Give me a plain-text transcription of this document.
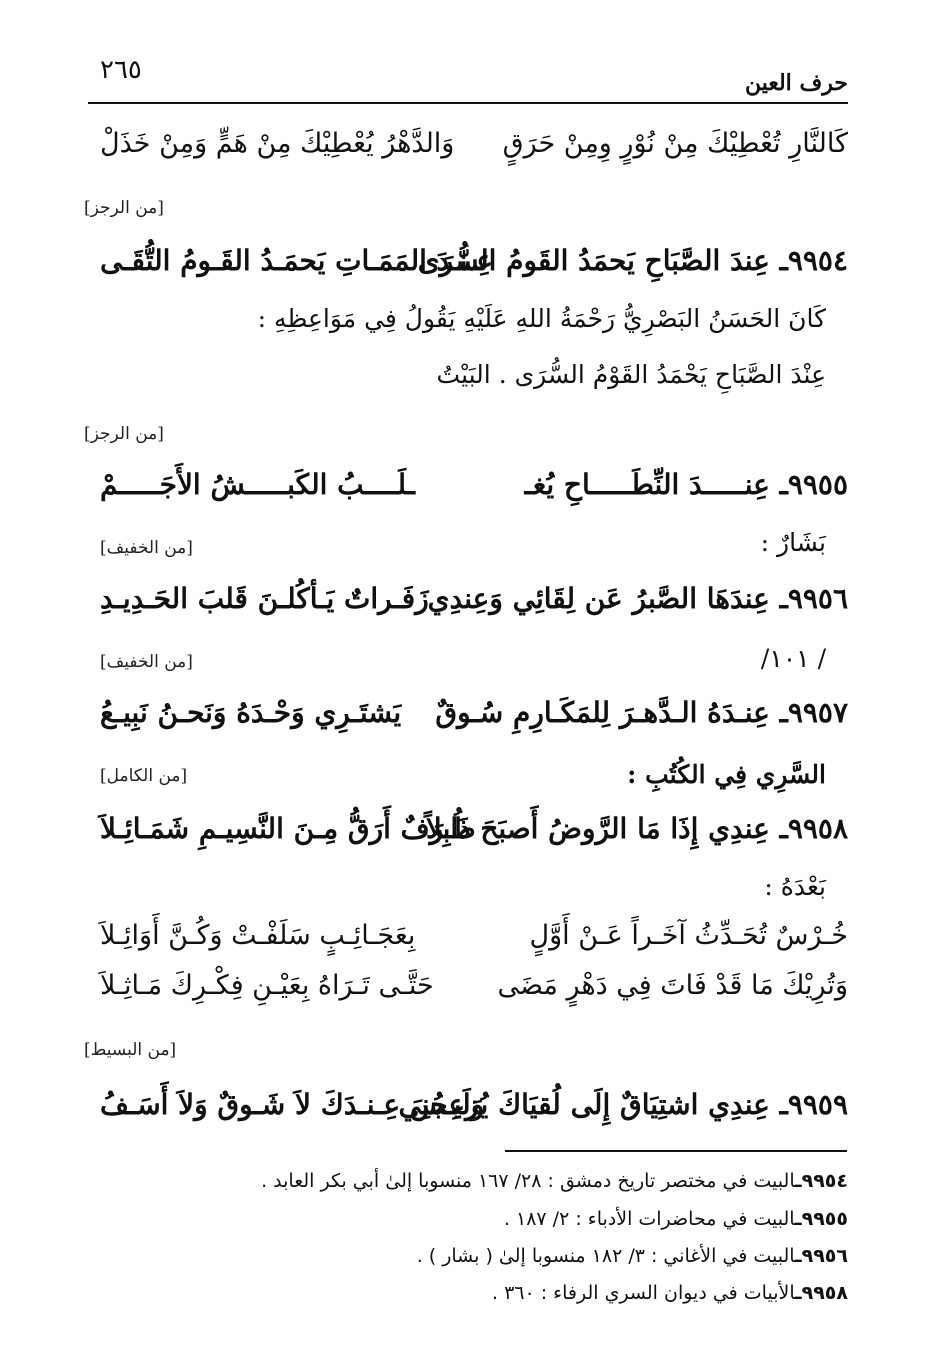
٢٦٥	حرف العين
كَالنَّارِ تُعْطِيْكَ مِنْ نُوْرٍ وِمِنْ حَرَقٍ
وَالدَّهْرُ يُعْطِيْكَ مِنْ هَمٍّ وَمِنْ خَذَلْ
[من الرجز]
٩٩٥٤ـ عِندَ الصَّبَاحِ يَحمَدُ القَومُ السُّرَى
عِـنـدَ المَمَـاتِ يَحمَـدُ القَـومُ التُّقَـى
كَانَ الحَسَنُ البَصْرِيُّ رَحْمَةُ اللهِ عَلَيْهِ يَقُولُ فِي مَوَاعِظِهِ :
عِنْدَ الصَّبَاحِ يَحْمَدُ القَوْمُ السُّرَى . البَيْتُ
[من الرجز]
٩٩٥٥ـ عِنـــــدَ النِّطَـــــاحِ يُغـ
ـلَــــبُ الكَبـــــشُ الأَجَـــــمْ
بَشَارٌ :
[من الخفيف]
٩٩٥٦ـ عِندَهَا الصَّبرُ عَن لِقَائِي وَعِندِي
زَفَـراتٌ يَـأكُلـنَ قَلبَ الحَـدِيـدِ
/ ١٠١/
[من الخفيف]
٩٩٥٧ـ عِنـدَهُ الـدَّهـرَ لِلمَكَـارِمِ سُـوقٌ
يَشتَـرِي وَحْـدَهُ وَنَحـنُ نَبِيـعُ
السَّرِي فِي الكُتُبِ :
[من الكامل]
٩٩٥٨ـ عِندِي إِذَا مَا الرَّوضُ أَصبَحَ ذَابِلاً
طُـرَفٌ أَرَقُّ مِـنَ النَّسِيـمِ شَمَـائِـلاَ
بَعْدَهُ :
خُـرْسٌ تُحَـدِّثُ آخَـراً عَـنْ أَوَّلٍ
بِعَجَـائِـبٍ سَلَفْـتْ وَكُـنَّ أَوَائِـلاَ
وَتُرِيْكَ مَا قَدْ فَاتَ فِي دَهْرٍ مَضَى
حَتَّـى تَـرَاهُ بِعَيْـنِ فِكْـرِكَ مَـاثِـلاَ
[من البسيط]
٩٩٥٩ـ عِندِي اشتِيَاقٌ إِلَى لُقيَاكَ يُزعِجُنِي
وَلَيـسَ عِـنـدَكَ لاَ شَـوقٌ وَلاَ أَسَـفُ
٩٩٥٤ـالبيت في مختصر تاريخ دمشق : ٢٨/ ١٦٧ منسوبا إلىٰ أبي بكر العابد .
٩٩٥٥ـالبيت في محاضرات الأدباء : ٢/ ١٨٧ .
٩٩٥٦ـالبيت في الأغاني : ٣/ ١٨٢ منسوبا إلىٰ ( بشار ) .
٩٩٥٨ـالأبيات في ديوان السري الرفاء : ٣٦٠ .
